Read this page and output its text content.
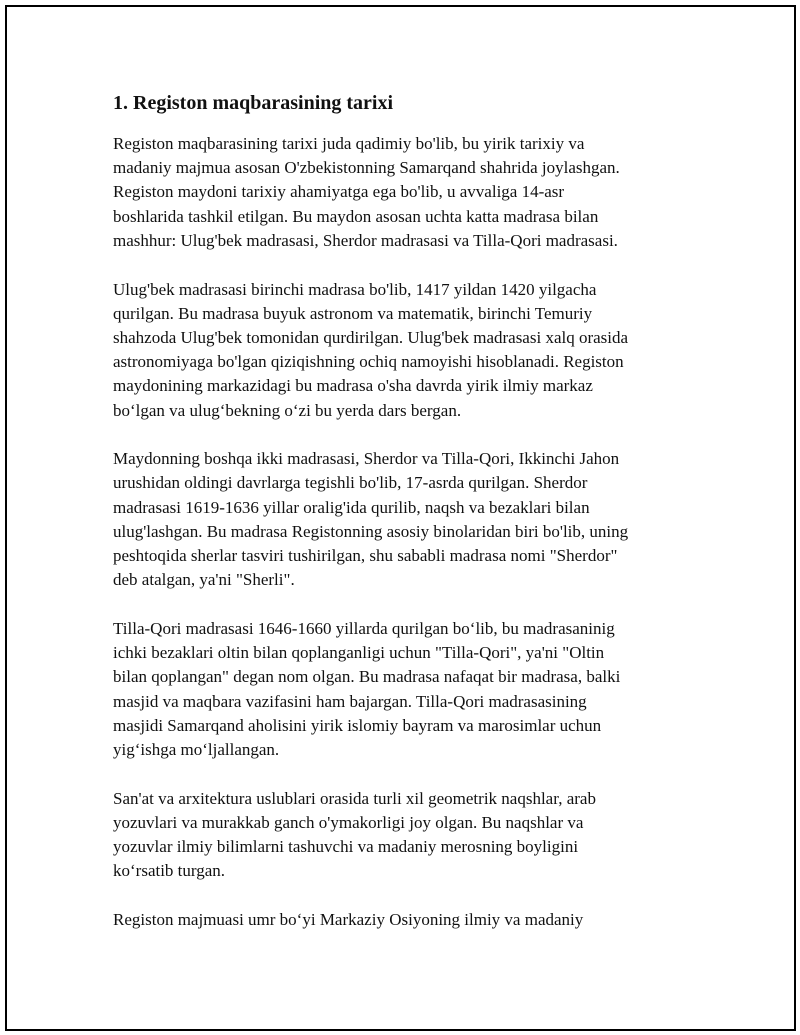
1. Registon maqbarasining tarixi

Registon maqbarasining tarixi juda qadimiy bo'lib, bu yirik tarixiy va
madaniy majmua asosan O'zbekistonning Samarqand shahrida joylashgan.
Registon maydoni tarixiy ahamiyatga ega bo'lib, u avvaliga 14-asr
boshlarida tashkil etilgan. Bu maydon asosan uchta katta madrasa bilan
mashhur: Ulug'bek madrasasi, Sherdor madrasasi va Tilla-Qori madrasasi.

Ulug'bek madrasasi birinchi madrasa bo'lib, 1417 yildan 1420 yilgacha
qurilgan. Bu madrasa buyuk astronom va matematik, birinchi Temuriy
shahzoda Ulug'bek tomonidan qurdirilgan. Ulug'bek madrasasi xalq orasida
astronomiyaga bo'lgan qiziqishning ochiq namoyishi hisoblanadi. Registon
maydonining markazidagi bu madrasa o'sha davrda yirik ilmiy markaz
bo‘lgan va ulug‘bekning o‘zi bu yerda dars bergan.

Maydonning boshqa ikki madrasasi, Sherdor va Tilla-Qori, Ikkinchi Jahon
urushidan oldingi davrlarga tegishli bo'lib, 17-asrda qurilgan. Sherdor
madrasasi 1619-1636 yillar oralig'ida qurilib, naqsh va bezaklari bilan
ulug'lashgan. Bu madrasa Registonning asosiy binolaridan biri bo'lib, uning
peshtoqida sherlar tasviri tushirilgan, shu sababli madrasa nomi "Sherdor"
deb atalgan, ya'ni "Sherli".

Tilla-Qori madrasasi 1646-1660 yillarda qurilgan bo‘lib, bu madrasaninig
ichki bezaklari oltin bilan qoplanganligi uchun "Tilla-Qori", ya'ni "Oltin
bilan qoplangan" degan nom olgan. Bu madrasa nafaqat bir madrasa, balki
masjid va maqbara vazifasini ham bajargan. Tilla-Qori madrasasining
masjidi Samarqand aholisini yirik islomiy bayram va marosimlar uchun
yig‘ishga mo‘ljallangan.

San'at va arxitektura uslublari orasida turli xil geometrik naqshlar, arab
yozuvlari va murakkab ganch o'ymakorligi joy olgan. Bu naqshlar va
yozuvlar ilmiy bilimlarni tashuvchi va madaniy merosning boyligini
ko‘rsatib turgan.

Registon majmuasi umr bo‘yi Markaziy Osiyoning ilmiy va madaniy
